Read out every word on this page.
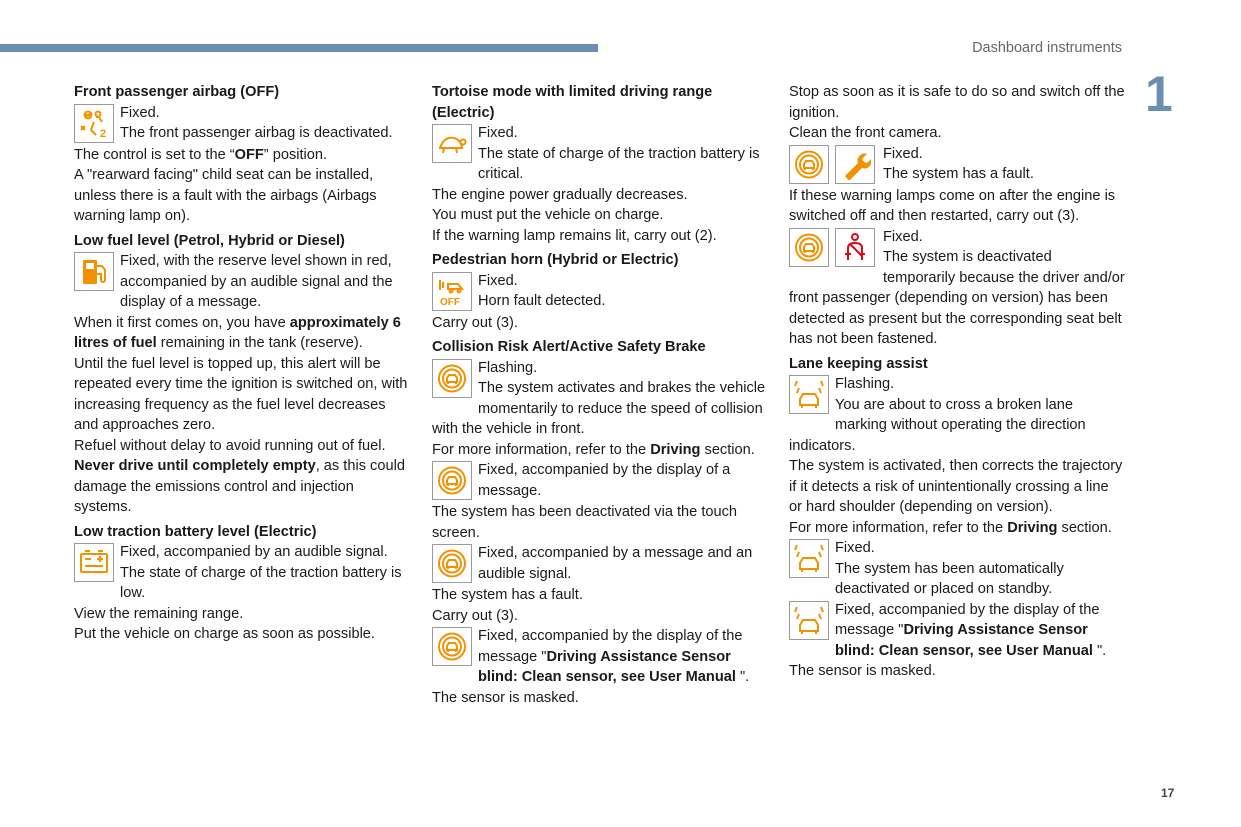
Dashboard instruments
1
17

Front passenger airbag (OFF)

2

Fixed.

The front passenger airbag is deactivated.

The control is set to the “OFF” position.

A "rearward facing" child seat can be installed, unless there is a fault with the airbags (Airbags warning lamp on).

Low fuel level (Petrol, Hybrid or Diesel)

Fixed, with the reserve level shown in red, accompanied by an audible signal and the display of a message.

When it first comes on, you have approximately 6 litres of fuel remaining in the tank (reserve).

Until the fuel level is topped up, this alert will be repeated every time the ignition is switched on, with increasing frequency as the fuel level decreases and approaches zero.

Refuel without delay to avoid running out of fuel.

Never drive until completely empty, as this could damage the emissions control and injection systems.

Low traction battery level (Electric)

Fixed, accompanied by an audible signal.

The state of charge of the traction battery is low.

View the remaining range.

Put the vehicle on charge as soon as possible.

Tortoise mode with limited driving range (Electric)

Fixed.

The state of charge of the traction battery is critical.

The engine power gradually decreases.

You must put the vehicle on charge.

If the warning lamp remains lit, carry out (2).

Pedestrian horn (Hybrid or Electric)

OFF

Fixed.

Horn fault detected.

Carry out (3).

Collision Risk Alert/Active Safety Brake

Flashing.

The system activates and brakes the vehicle momentarily to reduce the speed of collision with the vehicle in front.

For more information, refer to the Driving section.

Fixed, accompanied by the display of a message.

The system has been deactivated via the touch screen.

Fixed, accompanied by a message and an audible signal.

The system has a fault.

Carry out (3).

Fixed, accompanied by the display of the message "Driving Assistance Sensor blind: Clean sensor, see User Manual ".

The sensor is masked.

Stop as soon as it is safe to do so and switch off the ignition.

Clean the front camera.

Fixed.

The system has a fault.

If these warning lamps come on after the engine is switched off and then restarted, carry out (3).

Fixed.

The system is deactivated temporarily because the driver and/or front passenger (depending on version) has been detected as present but the corresponding seat belt has not been fastened.

Lane keeping assist

Flashing.

You are about to cross a broken lane marking without operating the direction indicators.

The system is activated, then corrects the trajectory if it detects a risk of unintentionally crossing a line or hard shoulder (depending on version).

For more information, refer to the Driving section.

Fixed.

The system has been automatically deactivated or placed on standby.

Fixed, accompanied by the display of the message "Driving Assistance Sensor blind: Clean sensor, see User Manual ".

The sensor is masked.
